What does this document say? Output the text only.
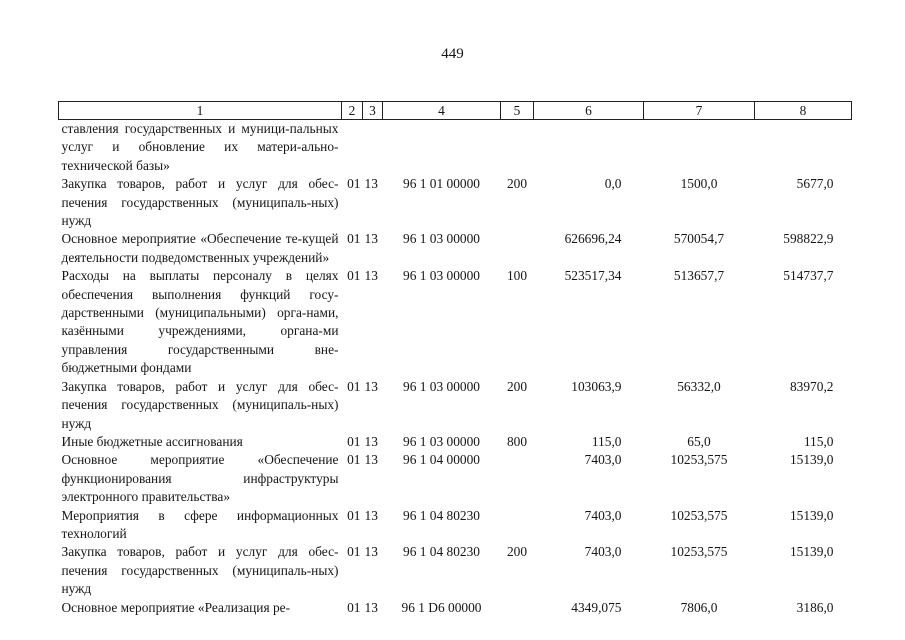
449
1	2	3	4	5	6	7	8
ставления государственных и муници-пальных услуг и обновление их матери-ально-технической базы»							
Закупка товаров, работ и услуг для обес-печения государственных (муниципаль-ных) нужд	01	13	96 1 01 00000	200	0,0	1500,0	5677,0
Основное мероприятие «Обеспечение те-кущей деятельности подведомственных учреждений»	01	13	96 1 03 00000		626696,24	570054,7	598822,9
Расходы на выплаты персоналу в целях обеспечения выполнения функций госу-дарственными (муниципальными) орга-нами, казёнными учреждениями, органа-ми управления государственными вне-бюджетными фондами	01	13	96 1 03 00000	100	523517,34	513657,7	514737,7
Закупка товаров, работ и услуг для обес-печения государственных (муниципаль-ных) нужд	01	13	96 1 03 00000	200	103063,9	56332,0	83970,2
Иные бюджетные ассигнования	01	13	96 1 03 00000	800	115,0	65,0	115,0
Основное мероприятие «Обеспечение функционирования инфраструктуры электронного правительства»	01	13	96 1 04 00000		7403,0	10253,575	15139,0
Мероприятия в сфере информационных технологий	01	13	96 1 04 80230		7403,0	10253,575	15139,0
Закупка товаров, работ и услуг для обес-печения государственных (муниципаль-ных) нужд	01	13	96 1 04 80230	200	7403,0	10253,575	15139,0
Основное мероприятие «Реализация ре-	01	13	96 1 D6 00000		4349,075	7806,0	3186,0
